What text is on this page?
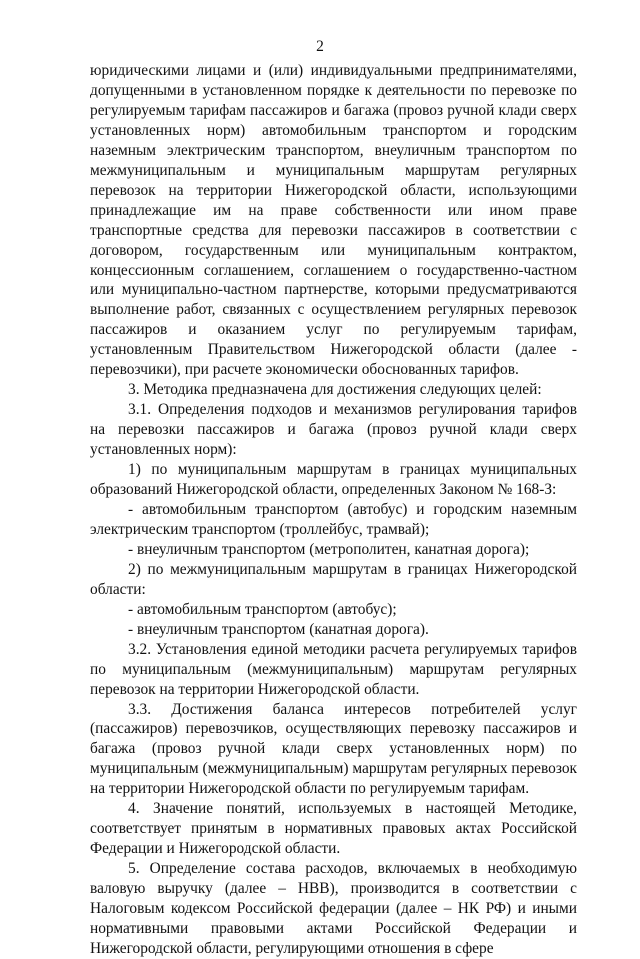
2

юридическими лицами и (или) индивидуальными предпринимателями, допущенными в установленном порядке к деятельности по перевозке по регулируемым тарифам пассажиров и багажа (провоз ручной клади сверх установленных норм) автомобильным транспортом и городским наземным электрическим транспортом, внеуличным транспортом по межмуниципальным и муниципальным маршрутам регулярных перевозок на территории Нижегородской области, использующими принадлежащие им на праве собственности или ином праве транспортные средства для перевозки пассажиров в соответствии с договором, государственным или муниципальным контрактом, концессионным соглашением, соглашением о государственно-частном или муниципально-частном партнерстве, которыми предусматриваются выполнение работ, связанных с осуществлением регулярных перевозок пассажиров и оказанием услуг по регулируемым тарифам, установленным Правительством Нижегородской области (далее - перевозчики), при расчете экономически обоснованных тарифов.

3. Методика предназначена для достижения следующих целей:

3.1. Определения подходов и механизмов регулирования тарифов на перевозки пассажиров и багажа (провоз ручной клади сверх установленных норм):

1) по муниципальным маршрутам в границах муниципальных образований Нижегородской области, определенных Законом № 168-З:

- автомобильным транспортом (автобус) и городским наземным электрическим транспортом (троллейбус, трамвай);

- внеуличным транспортом (метрополитен, канатная дорога);

2) по межмуниципальным маршрутам в границах Нижегородской области:

- автомобильным транспортом (автобус);

- внеуличным транспортом (канатная дорога).

3.2. Установления единой методики расчета регулируемых тарифов по муниципальным (межмуниципальным) маршрутам регулярных перевозок на территории Нижегородской области.

3.3. Достижения баланса интересов потребителей услуг (пассажиров) перевозчиков, осуществляющих перевозку пассажиров и багажа (провоз ручной клади сверх установленных норм) по муниципальным (межмуниципальным) маршрутам регулярных перевозок на территории Нижегородской области по регулируемым тарифам.

4. Значение понятий, используемых в настоящей Методике, соответствует принятым в нормативных правовых актах Российской Федерации и Нижегородской области.

5. Определение состава расходов, включаемых в необходимую валовую выручку (далее – НВВ), производится в соответствии с Налоговым кодексом Российской федерации (далее – НК РФ) и иными нормативными правовыми актами Российской Федерации и Нижегородской области, регулирующими отношения в сфере
